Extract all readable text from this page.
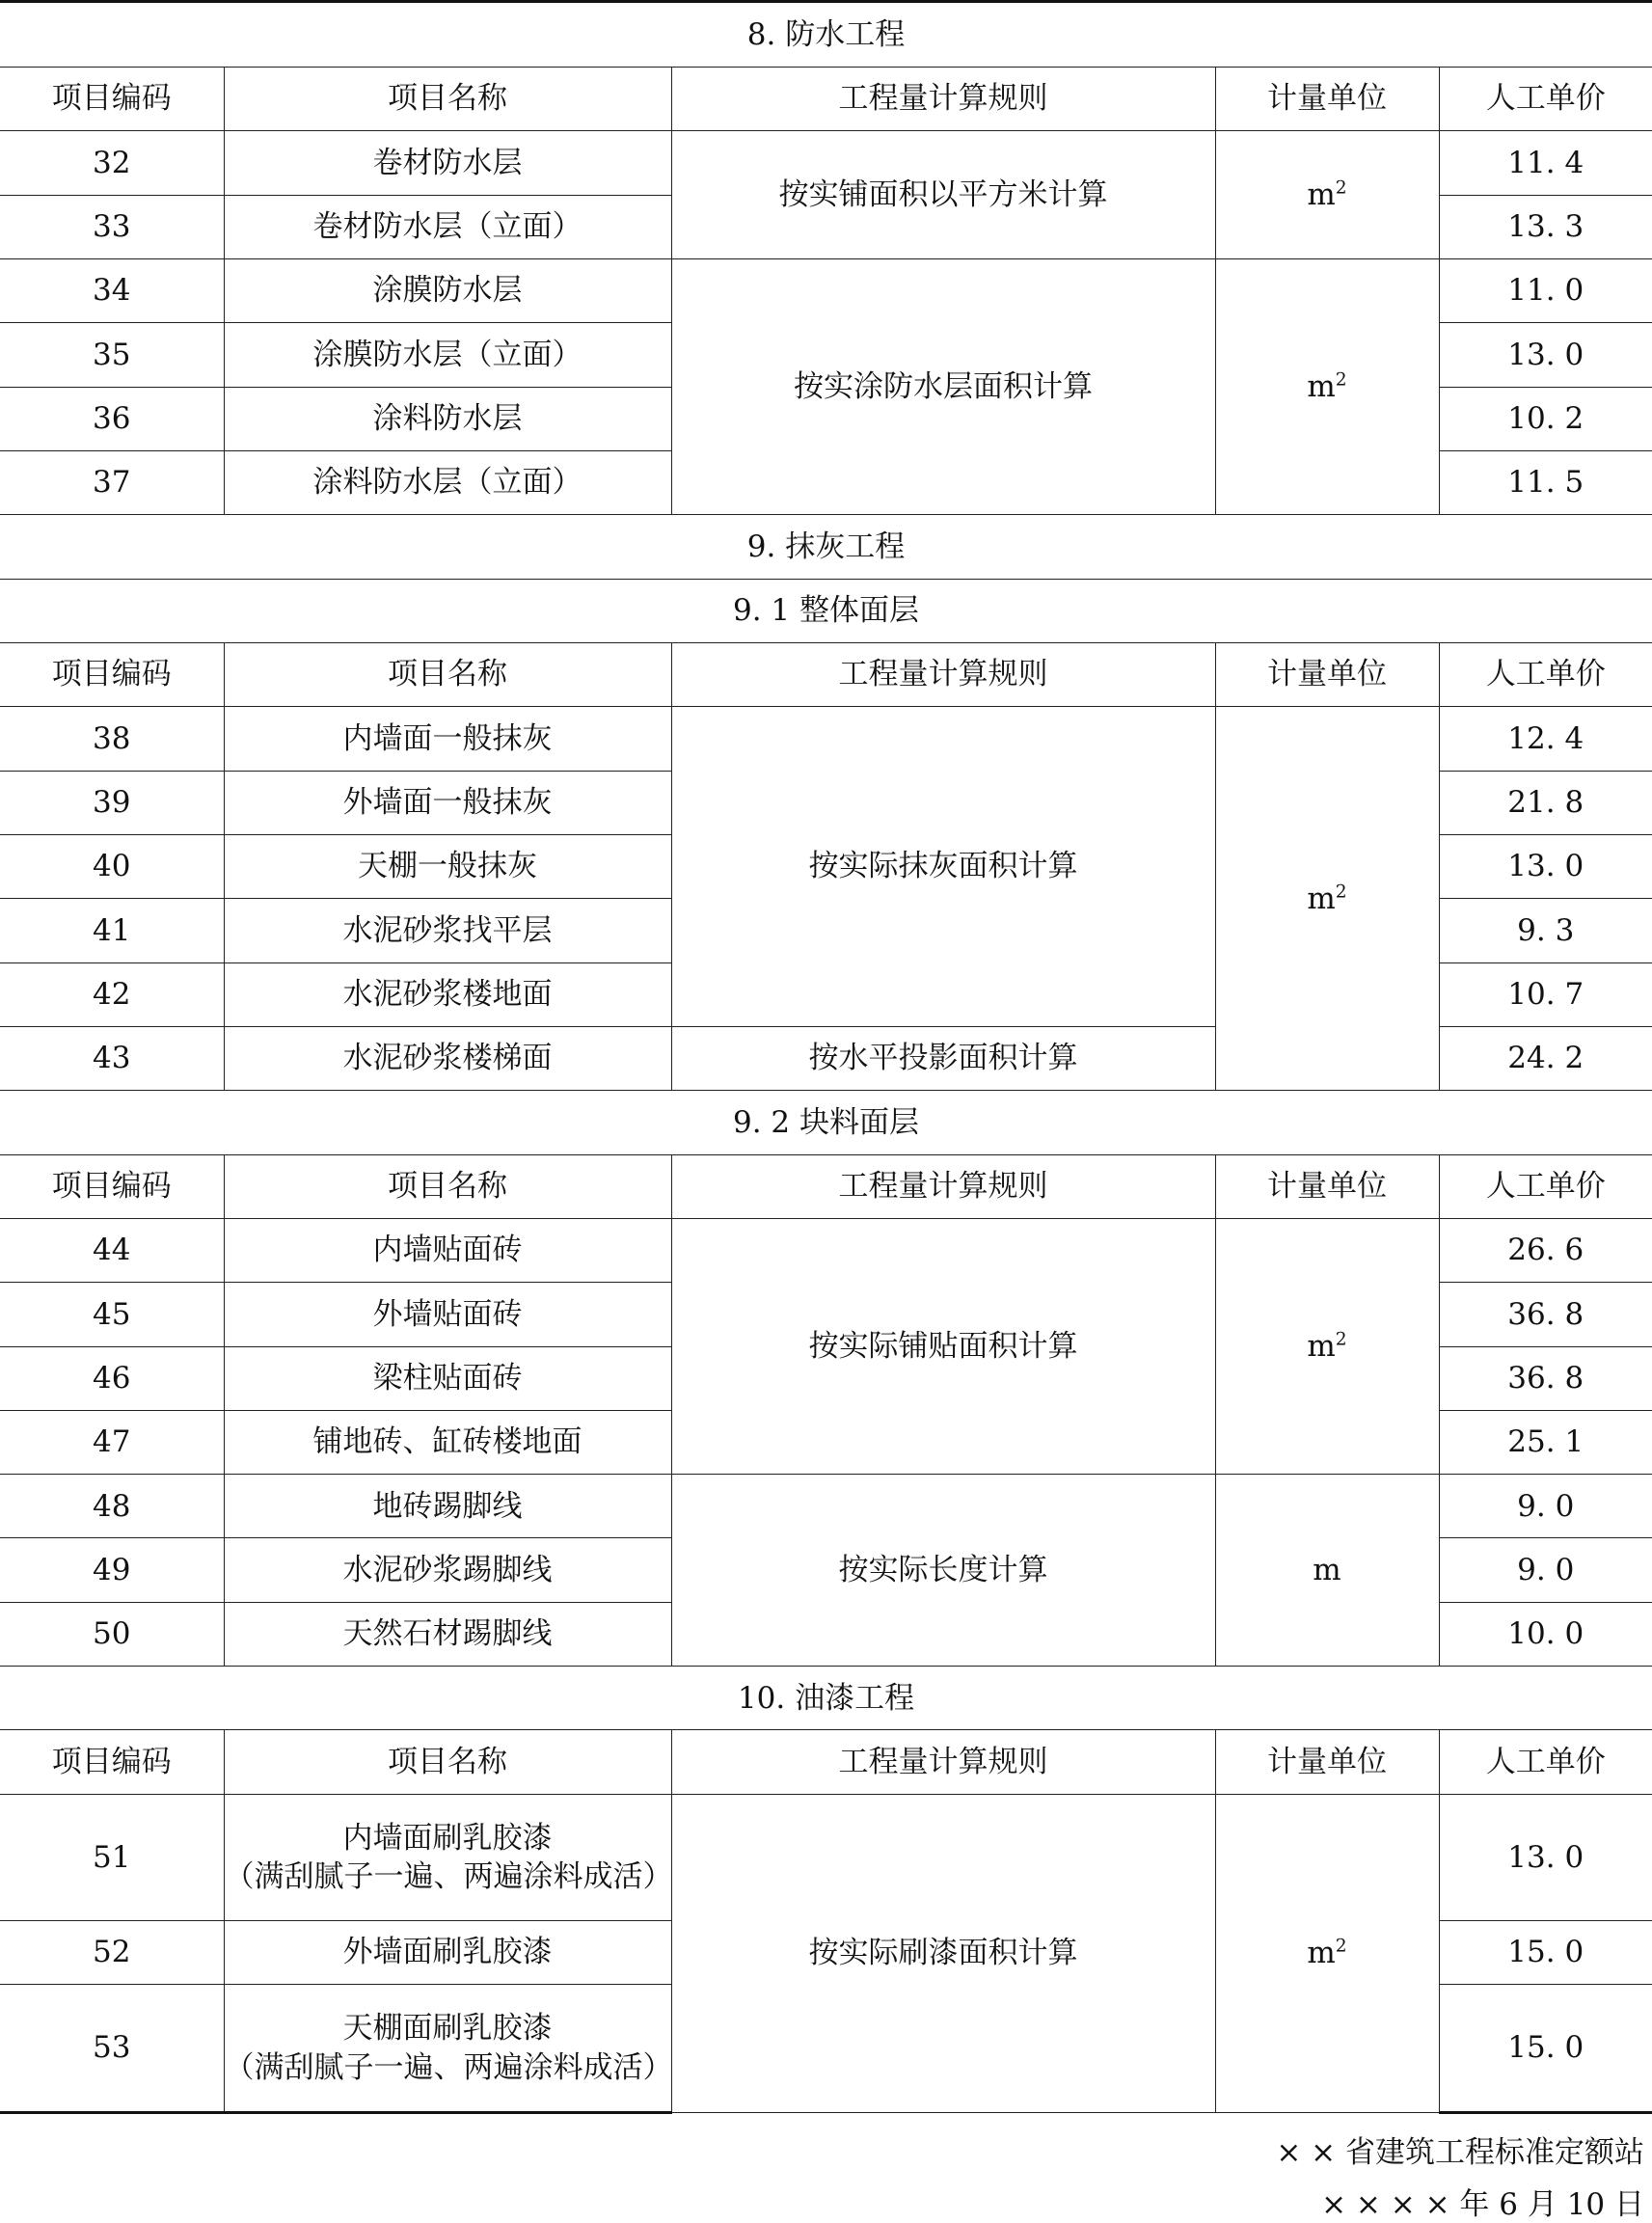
8. 防水工程				
项目编码	项目名称	工程量计算规则	计量单位	人工单价
32	卷材防水层	按实铺面积以平方米计算	$m^2$	11. 4
33	卷材防水层（立面）			13. 3
34	涂膜防水层	按实涂防水层面积计算	$m^2$	11. 0
35	涂膜防水层（立面）			13. 0
36	涂料防水层			10. 2
37	涂料防水层（立面）			11. 5
9. 抹灰工程				
9. 1 整体面层				
项目编码	项目名称	工程量计算规则	计量单位	人工单价
38	内墙面一般抹灰	按实际抹灰面积计算	$m^2$	12. 4
39	外墙面一般抹灰			21. 8
40	天棚一般抹灰			13. 0
41	水泥砂浆找平层			9. 3
42	水泥砂浆楼地面			10. 7
43	水泥砂浆楼梯面	按水平投影面积计算		24. 2
9. 2 块料面层				
项目编码	项目名称	工程量计算规则	计量单位	人工单价
44	内墙贴面砖	按实际铺贴面积计算	$m^2$	26. 6
45	外墙贴面砖			36. 8
46	梁柱贴面砖			36. 8
47	铺地砖、缸砖楼地面			25. 1
48	地砖踢脚线	按实际长度计算	m	9. 0
49	水泥砂浆踢脚线			9. 0
50	天然石材踢脚线			10. 0
10. 油漆工程				
项目编码	项目名称	工程量计算规则	计量单位	人工单价
51	内墙面刷乳胶漆
（满刮腻子一遍、两遍涂料成活）	按实际刷漆面积计算	$m^2$	13. 0
52	外墙面刷乳胶漆			15. 0
53	天棚面刷乳胶漆
（满刮腻子一遍、两遍涂料成活）			15. 0
× × 省建筑工程标准定额站
× × × × 年 6 月 10 日
